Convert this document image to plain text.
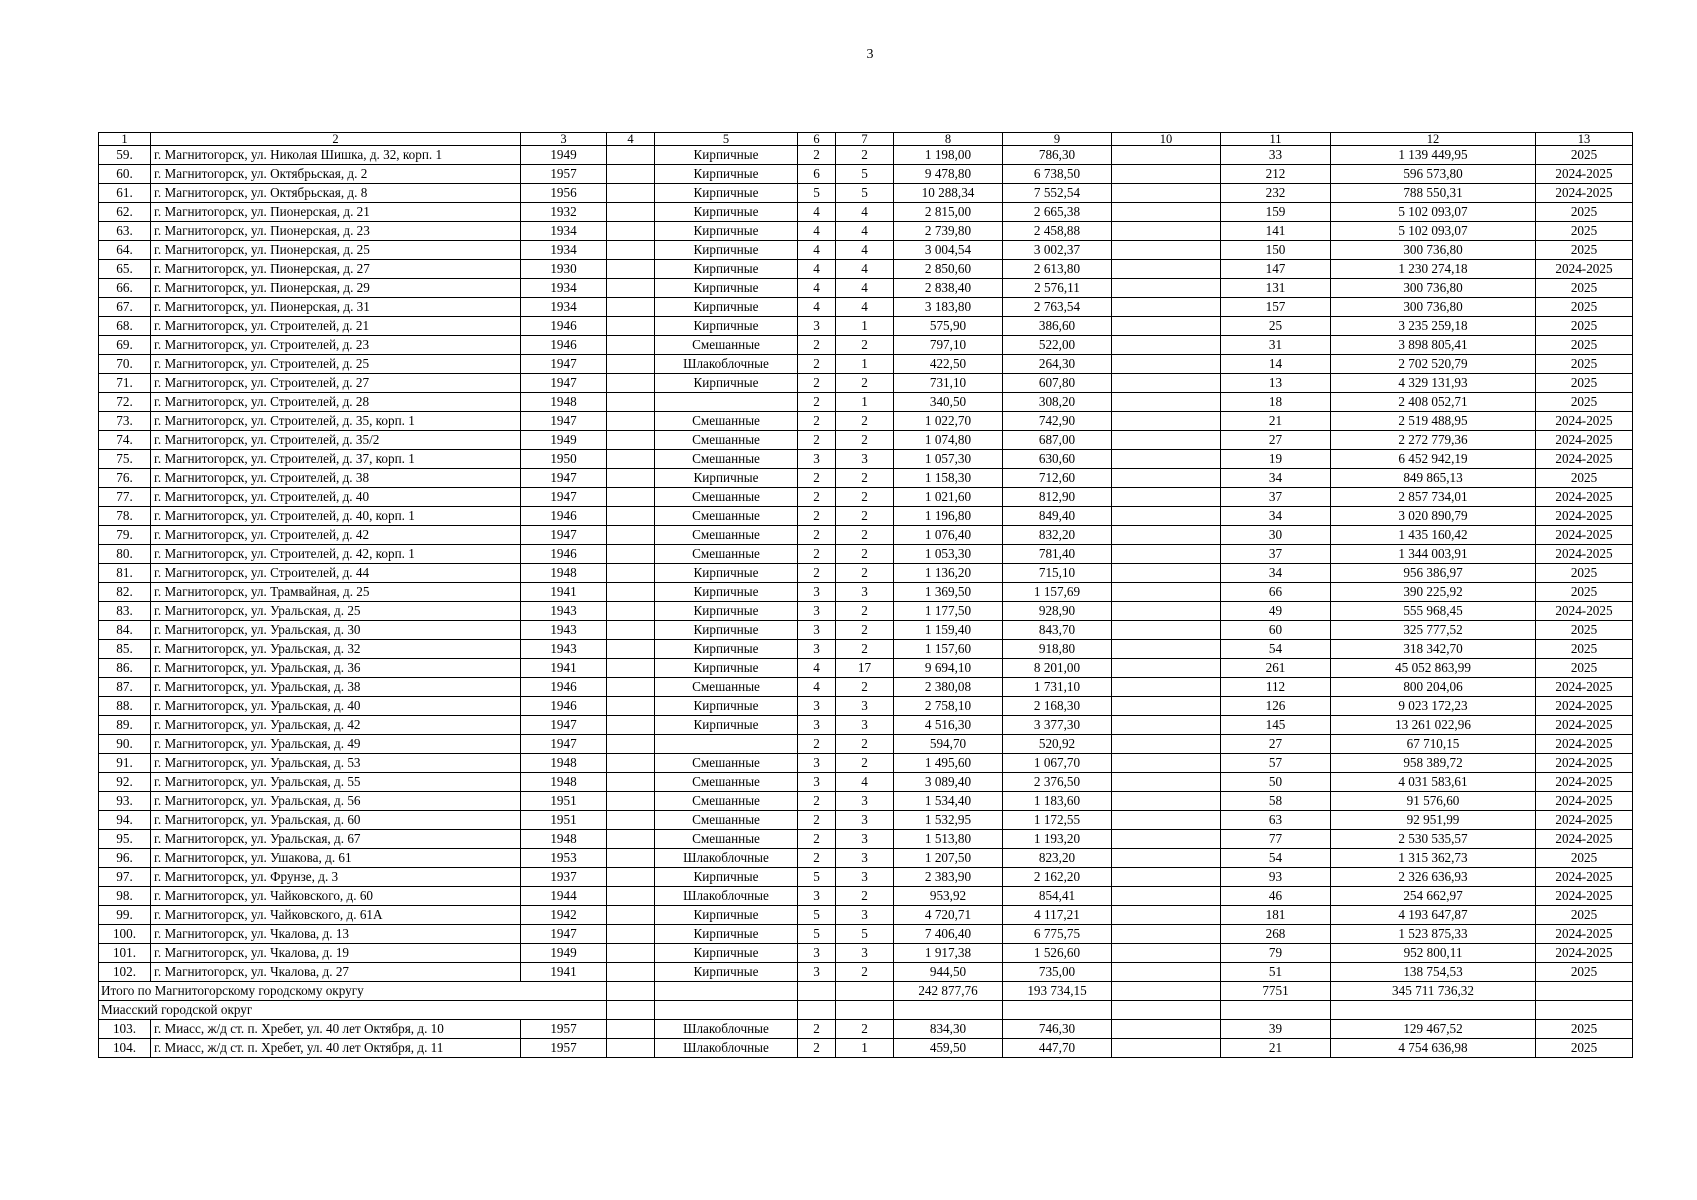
3
1	2	3	4	5	6	7	8	9	10	11	12	13
59.	г. Магнитогорск, ул. Николая Шишка, д. 32, корп. 1	1949		Кирпичные	2	2	1 198,00	786,30		33	1 139 449,95	2025
60.	г. Магнитогорск, ул. Октябрьская, д. 2	1957		Кирпичные	6	5	9 478,80	6 738,50		212	596 573,80	2024-2025
61.	г. Магнитогорск, ул. Октябрьская, д. 8	1956		Кирпичные	5	5	10 288,34	7 552,54		232	788 550,31	2024-2025
62.	г. Магнитогорск, ул. Пионерская, д. 21	1932		Кирпичные	4	4	2 815,00	2 665,38		159	5 102 093,07	2025
63.	г. Магнитогорск, ул. Пионерская, д. 23	1934		Кирпичные	4	4	2 739,80	2 458,88		141	5 102 093,07	2025
64.	г. Магнитогорск, ул. Пионерская, д. 25	1934		Кирпичные	4	4	3 004,54	3 002,37		150	300 736,80	2025
65.	г. Магнитогорск, ул. Пионерская, д. 27	1930		Кирпичные	4	4	2 850,60	2 613,80		147	1 230 274,18	2024-2025
66.	г. Магнитогорск, ул. Пионерская, д. 29	1934		Кирпичные	4	4	2 838,40	2 576,11		131	300 736,80	2025
67.	г. Магнитогорск, ул. Пионерская, д. 31	1934		Кирпичные	4	4	3 183,80	2 763,54		157	300 736,80	2025
68.	г. Магнитогорск, ул. Строителей, д. 21	1946		Кирпичные	3	1	575,90	386,60		25	3 235 259,18	2025
69.	г. Магнитогорск, ул. Строителей, д. 23	1946		Смешанные	2	2	797,10	522,00		31	3 898 805,41	2025
70.	г. Магнитогорск, ул. Строителей, д. 25	1947		Шлакоблочные	2	1	422,50	264,30		14	2 702 520,79	2025
71.	г. Магнитогорск, ул. Строителей, д. 27	1947		Кирпичные	2	2	731,10	607,80		13	4 329 131,93	2025
72.	г. Магнитогорск, ул. Строителей, д. 28	1948			2	1	340,50	308,20		18	2 408 052,71	2025
73.	г. Магнитогорск, ул. Строителей, д. 35, корп. 1	1947		Смешанные	2	2	1 022,70	742,90		21	2 519 488,95	2024-2025
74.	г. Магнитогорск, ул. Строителей, д. 35/2	1949		Смешанные	2	2	1 074,80	687,00		27	2 272 779,36	2024-2025
75.	г. Магнитогорск, ул. Строителей, д. 37, корп. 1	1950		Смешанные	3	3	1 057,30	630,60		19	6 452 942,19	2024-2025
76.	г. Магнитогорск, ул. Строителей, д. 38	1947		Кирпичные	2	2	1 158,30	712,60		34	849 865,13	2025
77.	г. Магнитогорск, ул. Строителей, д. 40	1947		Смешанные	2	2	1 021,60	812,90		37	2 857 734,01	2024-2025
78.	г. Магнитогорск, ул. Строителей, д. 40, корп. 1	1946		Смешанные	2	2	1 196,80	849,40		34	3 020 890,79	2024-2025
79.	г. Магнитогорск, ул. Строителей, д. 42	1947		Смешанные	2	2	1 076,40	832,20		30	1 435 160,42	2024-2025
80.	г. Магнитогорск, ул. Строителей, д. 42, корп. 1	1946		Смешанные	2	2	1 053,30	781,40		37	1 344 003,91	2024-2025
81.	г. Магнитогорск, ул. Строителей, д. 44	1948		Кирпичные	2	2	1 136,20	715,10		34	956 386,97	2025
82.	г. Магнитогорск, ул. Трамвайная, д. 25	1941		Кирпичные	3	3	1 369,50	1 157,69		66	390 225,92	2025
83.	г. Магнитогорск, ул. Уральская, д. 25	1943		Кирпичные	3	2	1 177,50	928,90		49	555 968,45	2024-2025
84.	г. Магнитогорск, ул. Уральская, д. 30	1943		Кирпичные	3	2	1 159,40	843,70		60	325 777,52	2025
85.	г. Магнитогорск, ул. Уральская, д. 32	1943		Кирпичные	3	2	1 157,60	918,80		54	318 342,70	2025
86.	г. Магнитогорск, ул. Уральская, д. 36	1941		Кирпичные	4	17	9 694,10	8 201,00		261	45 052 863,99	2025
87.	г. Магнитогорск, ул. Уральская, д. 38	1946		Смешанные	4	2	2 380,08	1 731,10		112	800 204,06	2024-2025
88.	г. Магнитогорск, ул. Уральская, д. 40	1946		Кирпичные	3	3	2 758,10	2 168,30		126	9 023 172,23	2024-2025
89.	г. Магнитогорск, ул. Уральская, д. 42	1947		Кирпичные	3	3	4 516,30	3 377,30		145	13 261 022,96	2024-2025
90.	г. Магнитогорск, ул. Уральская, д. 49	1947			2	2	594,70	520,92		27	67 710,15	2024-2025
91.	г. Магнитогорск, ул. Уральская, д. 53	1948		Смешанные	3	2	1 495,60	1 067,70		57	958 389,72	2024-2025
92.	г. Магнитогорск, ул. Уральская, д. 55	1948		Смешанные	3	4	3 089,40	2 376,50		50	4 031 583,61	2024-2025
93.	г. Магнитогорск, ул. Уральская, д. 56	1951		Смешанные	2	3	1 534,40	1 183,60		58	91 576,60	2024-2025
94.	г. Магнитогорск, ул. Уральская, д. 60	1951		Смешанные	2	3	1 532,95	1 172,55		63	92 951,99	2024-2025
95.	г. Магнитогорск, ул. Уральская, д. 67	1948		Смешанные	2	3	1 513,80	1 193,20		77	2 530 535,57	2024-2025
96.	г. Магнитогорск, ул. Ушакова, д. 61	1953		Шлакоблочные	2	3	1 207,50	823,20		54	1 315 362,73	2025
97.	г. Магнитогорск, ул. Фрунзе, д. 3	1937		Кирпичные	5	3	2 383,90	2 162,20		93	2 326 636,93	2024-2025
98.	г. Магнитогорск, ул. Чайковского, д. 60	1944		Шлакоблочные	3	2	953,92	854,41		46	254 662,97	2024-2025
99.	г. Магнитогорск, ул. Чайковского, д. 61А	1942		Кирпичные	5	3	4 720,71	4 117,21		181	4 193 647,87	2025
100.	г. Магнитогорск, ул. Чкалова, д. 13	1947		Кирпичные	5	5	7 406,40	6 775,75		268	1 523 875,33	2024-2025
101.	г. Магнитогорск, ул. Чкалова, д. 19	1949		Кирпичные	3	3	1 917,38	1 526,60		79	952 800,11	2024-2025
102.	г. Магнитогорск, ул. Чкалова, д. 27	1941		Кирпичные	3	2	944,50	735,00		51	138 754,53	2025
Итого по Магнитогорскому городскому округу							242 877,76	193 734,15		7751	345 711 736,32	
Миасский городской округ												
103.	г. Миасс, ж/д ст. п. Хребет, ул. 40 лет Октября, д. 10	1957		Шлакоблочные	2	2	834,30	746,30		39	129 467,52	2025
104.	г. Миасс, ж/д ст. п. Хребет, ул. 40 лет Октября, д. 11	1957		Шлакоблочные	2	1	459,50	447,70		21	4 754 636,98	2025
